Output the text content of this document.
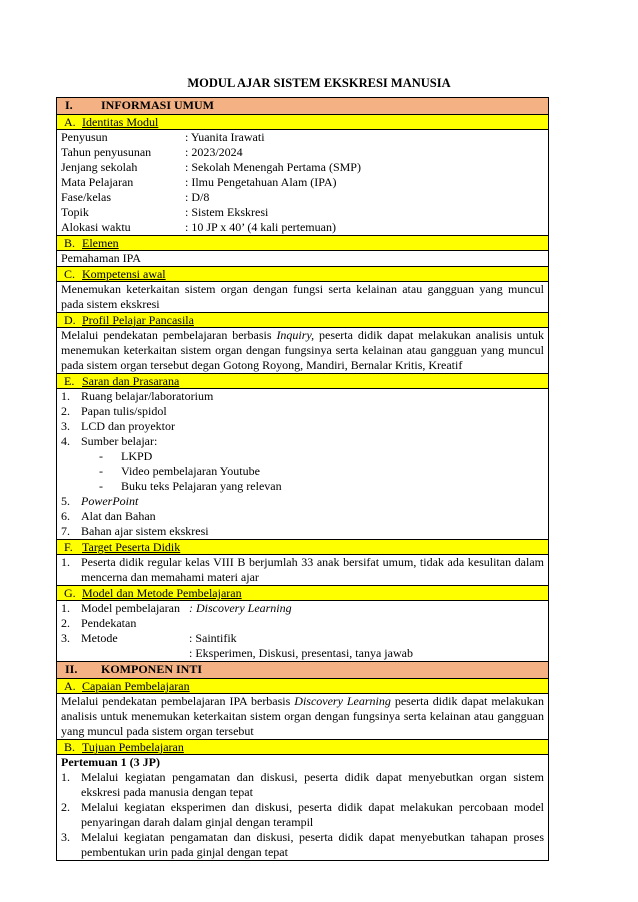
MODUL AJAR SISTEM EKSKRESI MANUSIA
I. INFORMASI UMUM
A. Identitas Modul

Penyusun	: Yuanita Irawati
Tahun penyusunan	: 2023/2024
Jenjang sekolah	: Sekolah Menengah Pertama (SMP)
Mata Pelajaran	: Ilmu Pengetahuan Alam (IPA)
Fase/kelas	: D/8
Topik	: Sistem Ekskresi
Alokasi waktu	: 10 JP x 40’ (4 kali pertemuan)

B. Elemen
Pemahaman IPA
C. Kompetensi awal
Menemukan keterkaitan sistem organ dengan fungsi serta kelainan atau gangguan yang muncul pada sistem ekskresi
D. Profil Pelajar Pancasila
Melalui pendekatan pembelajaran berbasis Inquiry, peserta didik dapat melakukan analisis untuk menemukan keterkaitan sistem organ dengan fungsinya serta kelainan atau gangguan yang muncul pada sistem organ tersebut degan Gotong Royong, Mandiri, Bernalar Kritis, Kreatif
E. Saran dan Prasarana

1. Ruang belajar/laboratorium
2. Papan tulis/spidol
3. LCD dan proyektor
4. Sumber belajar:
-	LKPD
-	Video pembelajaran Youtube
-	Buku teks Pelajaran yang relevan
5. PowerPoint
6. Alat dan Bahan
7. Bahan ajar sistem ekskresi

F. Target Peserta Didik

1. Peserta didik regular kelas VIII B berjumlah 33 anak bersifat umum, tidak ada kesulitan dalam mencerna dan memahami materi ajar

G. Model dan Metode Pembelajaran

1. Model pembelajaran : Discovery Learning
2. Pendekatan
3. Metode	: Saintifik
: Eksperimen, Diskusi, presentasi, tanya jawab

II. KOMPONEN INTI
A. Capaian Pembelajaran
Melalui pendekatan pembelajaran IPA berbasis Discovery Learning peserta didik dapat melakukan analisis untuk menemukan keterkaitan sistem organ dengan fungsinya serta kelainan atau gangguan yang muncul pada sistem organ tersebut
B. Tujuan Pembelajaran

Pertemuan 1 (3 JP)
1. Melalui kegiatan pengamatan dan diskusi, peserta didik dapat menyebutkan organ sistem ekskresi pada manusia dengan tepat
2. Melalui kegiatan eksperimen dan diskusi, peserta didik dapat melakukan percobaan model penyaringan darah dalam ginjal dengan terampil
3. Melalui kegiatan pengamatan dan diskusi, peserta didik dapat menyebutkan tahapan proses pembentukan urin pada ginjal dengan tepat
